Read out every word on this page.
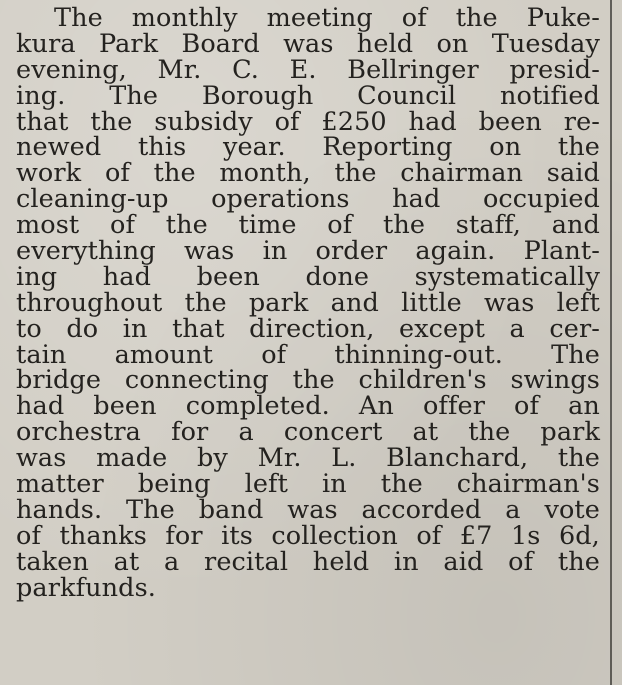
The monthly meeting of the Puke-
kura Park Board was held on Tuesday
evening, Mr. C. E. Bellringer presid-
ing. The Borough Council notified
that the subsidy of £250 had been re-
newed this year. Reporting on the
work of the month, the chairman said
cleaning-up operations had occupied
most of the time of the staff, and
everything was in order again. Plant-
ing had been done systematically
throughout the park and little was left
to do in that direction, except a cer-
tain amount of thinning-out. The
bridge connecting the children's swings
had been completed. An offer of an
orchestra for a concert at the park
was made by Mr. L. Blanchard, the
matter being left in the chairman's
hands. The band was accorded a vote
of thanks for its collection of £7 1s 6d,
taken at a recital held in aid of the
park funds.
